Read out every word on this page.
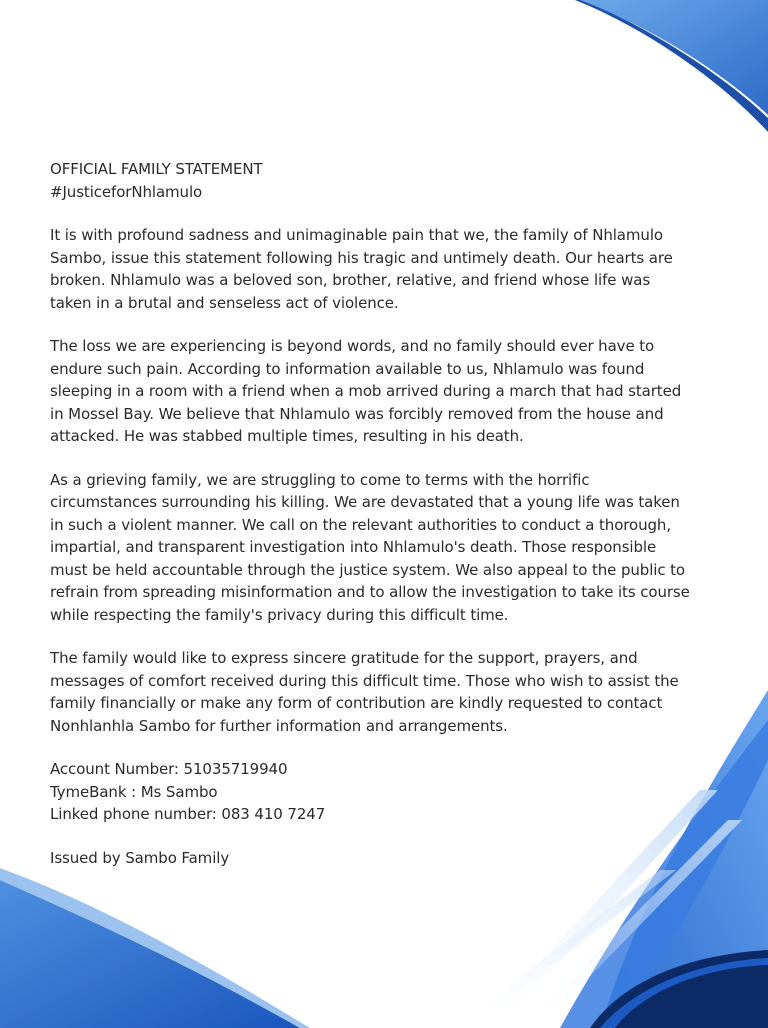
OFFICIAL FAMILY STATEMENT
#JusticeforNhlamulo

It is with profound sadness and unimaginable pain that we, the family of Nhlamulo Sambo, issue this statement following his tragic and untimely death. Our hearts are broken. Nhlamulo was a beloved son, brother, relative, and friend whose life was taken in a brutal and senseless act of violence.

The loss we are experiencing is beyond words, and no family should ever have to endure such pain. According to information available to us, Nhlamulo was found sleeping in a room with a friend when a mob arrived during a march that had started in Mossel Bay. We believe that Nhlamulo was forcibly removed from the house and attacked. He was stabbed multiple times, resulting in his death.

As a grieving family, we are struggling to come to terms with the horrific circumstances surrounding his killing. We are devastated that a young life was taken in such a violent manner. We call on the relevant authorities to conduct a thorough, impartial, and transparent investigation into Nhlamulo's death. Those responsible must be held accountable through the justice system. We also appeal to the public to refrain from spreading misinformation and to allow the investigation to take its course while respecting the family's privacy during this difficult time.

The family would like to express sincere gratitude for the support, prayers, and messages of comfort received during this difficult time. Those who wish to assist the family financially or make any form of contribution are kindly requested to contact Nonhlanhla Sambo for further information and arrangements.

Account Number: 51035719940
TymeBank : Ms Sambo
Linked phone number: 083 410 7247
Issued by Sambo Family
